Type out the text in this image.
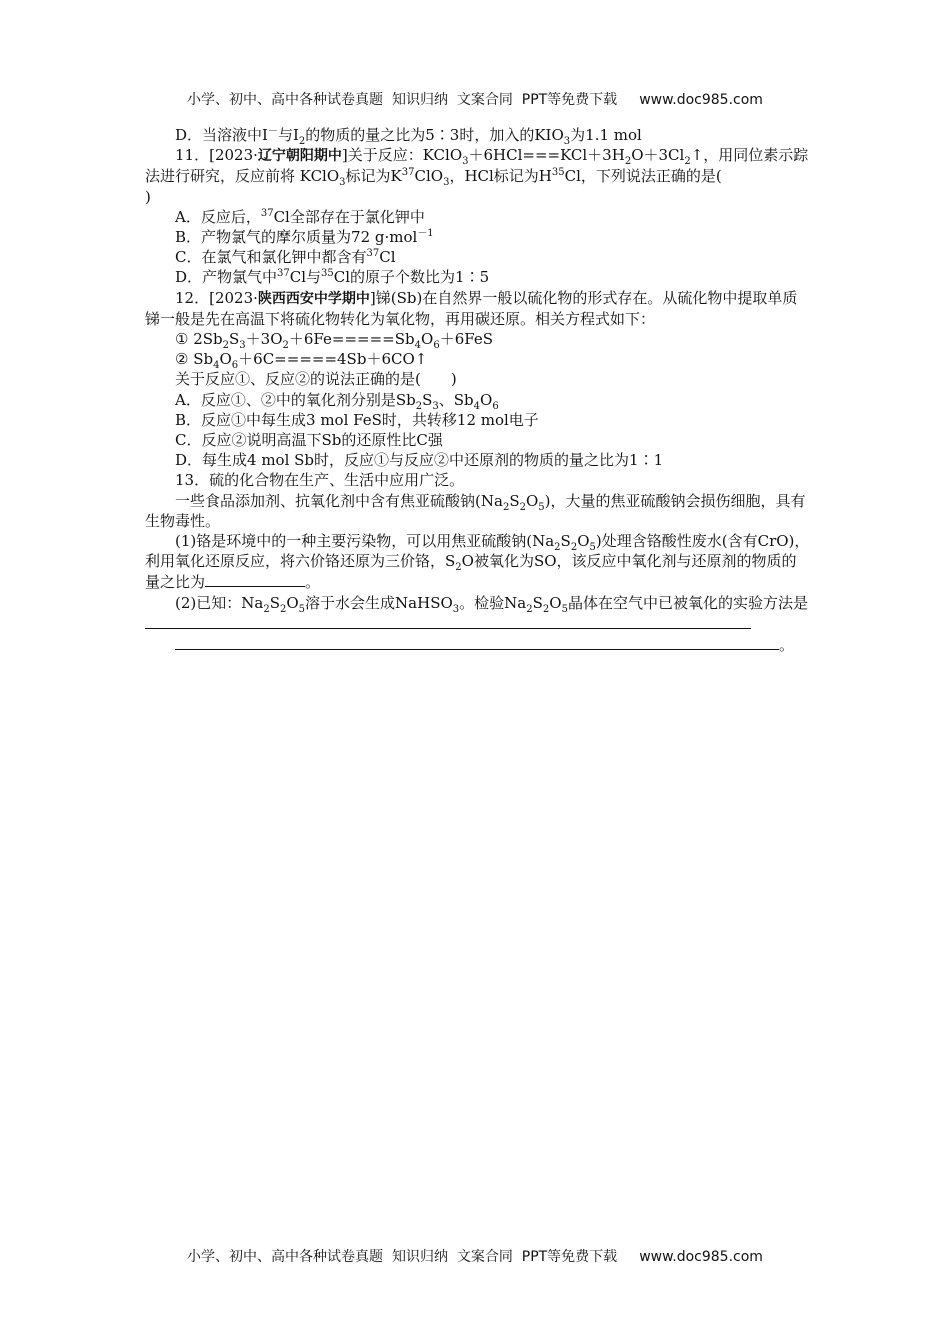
小学、初中、高中各种试卷真题  知识归纳  文案合同  PPT等免费下载 www.doc985.com

D．当溶液中I－与$I_2$的物质的量之比为5∶3时，加入的$KIO_3$为1.1 mol

11．[2023·辽宁朝阳期中]关于反应：$KClO_3+6HCl===KCl+3H_2O+3Cl_2↑$，用同位素示踪法进行研究，反应前将 KClO$_3$标记为$K^{37}ClO_3$，HCl标记为$H^{35}Cl$，下列说法正确的是(
)

A．反应后，$^{37}$Cl全部存在于氯化钾中

B．产物氯气的摩尔质量为72 g·mol$^{-1}$

C．在氯气和氯化钾中都含有$^{37}$Cl

D．产物氯气中$^{37}$Cl与$^{35}$Cl的原子个数比为1∶5

12．[2023·陕西西安中学期中]锑(Sb)在自然界一般以硫化物的形式存在。从硫化物中提取单质锑一般是先在高温下将硫化物转化为氧化物，再用碳还原。相关方程式如下：

① $2Sb_2S_3+3O_2+6Fe=====Sb_4O_6+6FeS$

② $Sb_4O_6+6C=====4Sb+6CO↑$

关于反应①、反应②的说法正确的是(　　)

A．反应①、②中的氧化剂分别是$Sb_2S_3$、$Sb_4O_6$

B．反应①中每生成3 mol FeS时，共转移12 mol电子

C．反应②说明高温下Sb的还原性比C强

D．每生成4 mol Sb时，反应①与反应②中还原剂的物质的量之比为1∶1

13．硫的化合物在生产、生活中应用广泛。

一些食品添加剂、抗氧化剂中含有焦亚硫酸钠$(Na_2S_2O_5)$，大量的焦亚硫酸钠会损伤细胞，具有生物毒性。

(1)铬是环境中的一种主要污染物，可以用焦亚硫酸钠$(Na_2S_2O_5)$处理含铬酸性废水(含有CrO)，利用氧化还原反应，将六价铬还原为三价铬，$S_2O$被氧化为SO，该反应中氧化剂与还原剂的物质的量之比为	。

(2)已知：$Na_2S_2O_5$溶于水会生成NaHSO$_3$。检验$Na_2S_2O_5$晶体在空气中已被氧化的实验方法是

。

小学、初中、高中各种试卷真题  知识归纳  文案合同  PPT等免费下载 www.doc985.com
